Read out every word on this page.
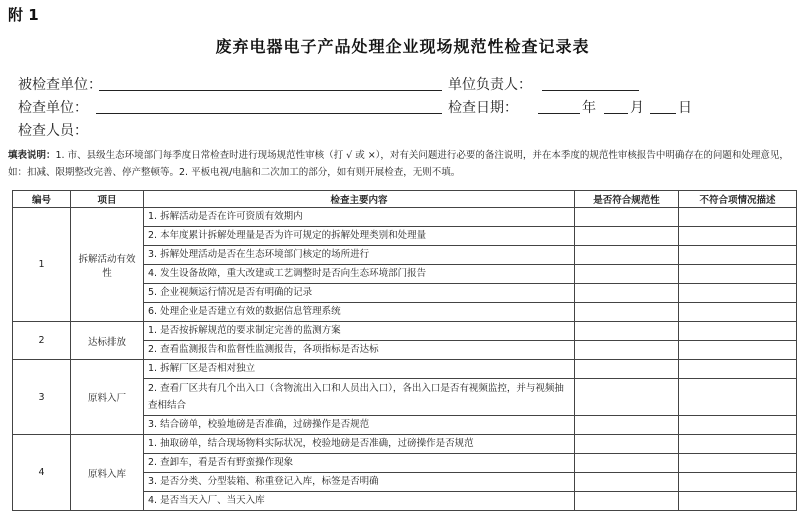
附 1
废弃电器电子产品处理企业现场规范性检查记录表
被检查单位：	单位负责人：
检查单位：	检查日期：	年 月 日
检查人员：
填表说明：1. 市、县级生态环境部门每季度日常检查时进行现场规范性审核（打 √ 或 ×），对有关问题进行必要的备注说明，并在本季度的规范性审核报告中明确存在的问题和处理意见，如：扣减、限期整改完善、停产整顿等。2. 平板电视/电脑和二次加工的部分，如有则开展检查，无则不填。
编号	项目	检查主要内容	是否符合规范性	不符合项情况描述
1	拆解活动有效性	1. 拆解活动是否在许可资质有效期内		
		2. 本年度累计拆解处理量是否为许可规定的拆解处理类别和处理量		
		3. 拆解处理活动是否在生态环境部门核定的场所进行		
		4. 发生设备故障，重大改建或工艺调整时是否向生态环境部门报告		
		5. 企业视频运行情况是否有明确的记录		
		6. 处理企业是否建立有效的数据信息管理系统		
2	达标排放	1. 是否按拆解规范的要求制定完善的监测方案		
		2. 查看监测报告和监督性监测报告，各项指标是否达标		
3	原料入厂	1. 拆解厂区是否相对独立		
		2. 查看厂区共有几个出入口（含物流出入口和人员出入口），各出入口是否有视频监控，并与视频抽查相结合		
		3. 结合磅单，校验地磅是否准确，过磅操作是否规范		
4	原料入库	1. 抽取磅单，结合现场物料实际状况，校验地磅是否准确，过磅操作是否规范		
		2. 查卸车，看是否有野蛮操作现象		
		3. 是否分类、分型装箱、称重登记入库，标签是否明确		
		4. 是否当天入厂、当天入库		
